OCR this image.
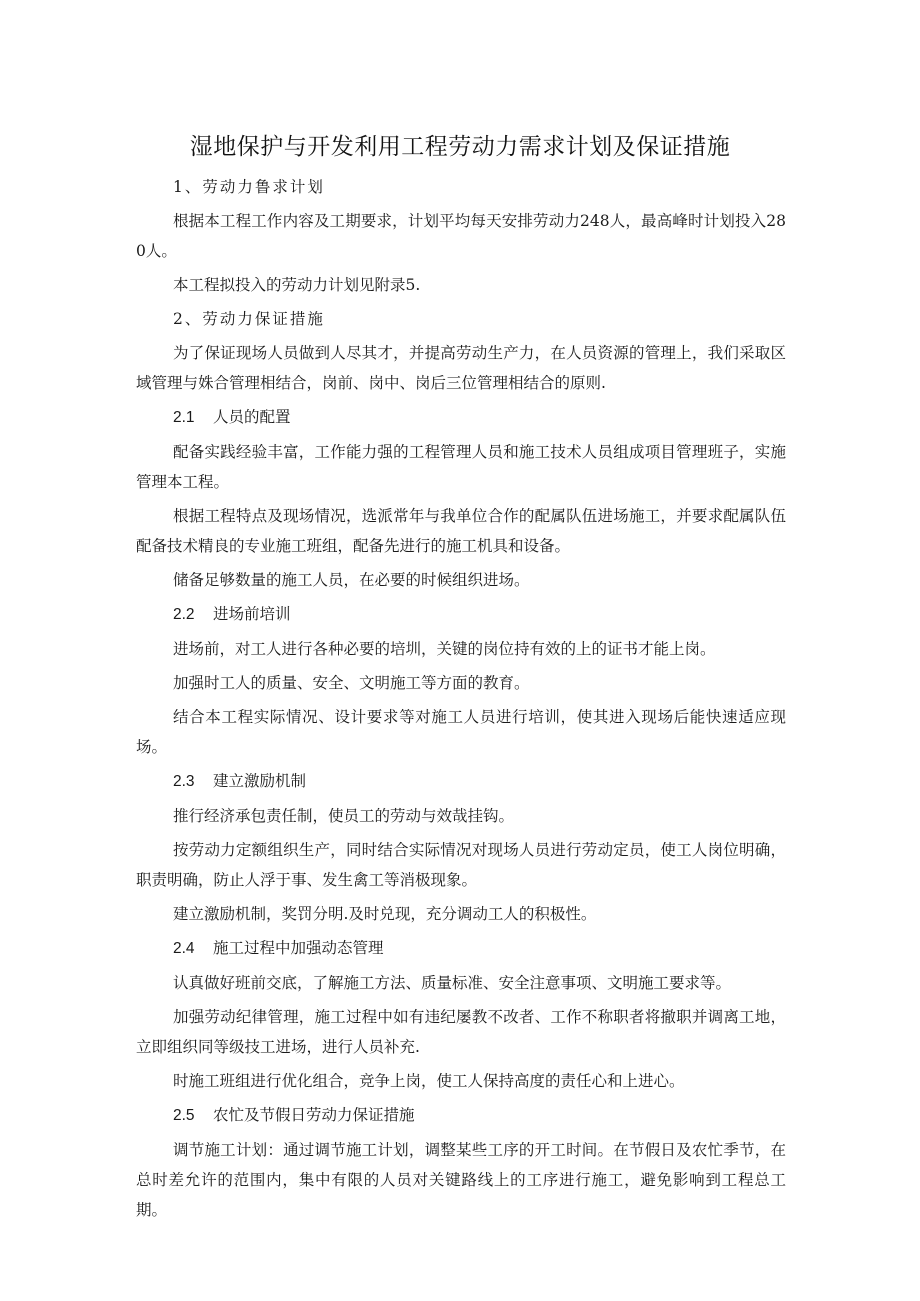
湿地保护与开发利用工程劳动力需求计划及保证措施
1、劳动力鲁求计划
根据本工程工作内容及工期要求，计划平均每天安排劳动力248人，最高峰时计划投入280人。
本工程拟投入的劳动力计划见附录5.
2、劳动力保证措施
为了保证现场人员做到人尽其才，并提高劳动生产力，在人员资源的管理上，我们采取区域管理与姝合管理相结合，岗前、岗中、岗后三位管理相结合的原则.
2.1 人员的配置
配备实践经验丰富，工作能力强的工程管理人员和施工技术人员组成项目管理班子，实施管理本工程。
根据工程特点及现场情况，选派常年与我单位合作的配属队伍进场施工，并要求配属队伍配备技术精良的专业施工班组，配备先进行的施工机具和设备。
储备足够数量的施工人员，在必要的时候组织进场。
2.2 进场前培训
进场前，对工人进行各种必要的培圳，关键的岗位持有效的上的证书才能上岗。
加强时工人的质量、安全、文明施工等方面的教育。
结合本工程实际情况、设计要求等对施工人员进行培训，使其进入现场后能快速适应现场。
2.3 建立激励机制
推行经济承包责任制，使员工的劳动与效哉挂钩。
按劳动力定额组织生产，同时结合实际情况对现场人员进行劳动定员，使工人岗位明确，职责明确，防止人浮于事、发生禽工等消极现象。
建立激励机制，奖罚分明.及时兑现，充分调动工人的积极性。
2.4 施工过程中加强动态管理
认真做好班前交底，了解施工方法、质量标准、安全注意事项、文明施工要求等。
加强劳动纪律管理，施工过程中如有违纪屡教不改者、工作不称职者将撤职并调离工地，立即组织同等级技工进场，进行人员补充.
时施工班组进行优化组合，竞争上岗，使工人保持高度的责任心和上进心。
2.5 农忙及节假日劳动力保证措施
调节施工计划：通过调节施工计划，调整某些工序的开工时间。在节假日及农忙季节，在总时差允许的范围内，集中有限的人员对关键路线上的工序进行施工，避免影响到工程总工期。
